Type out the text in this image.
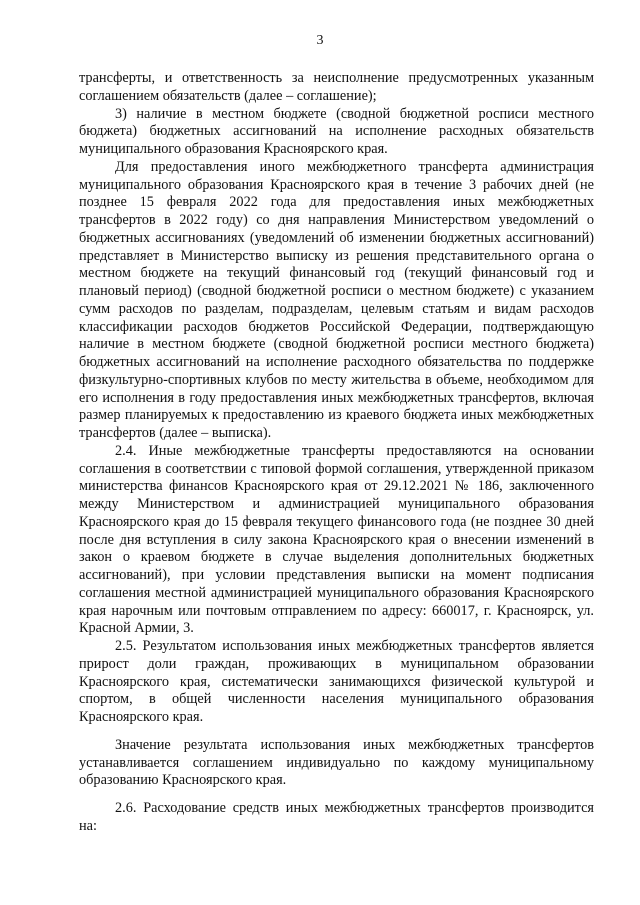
3

трансферты, и ответственность за неисполнение предусмотренных указанным соглашением обязательств (далее – соглашение);

3) наличие в местном бюджете (сводной бюджетной росписи местного бюджета) бюджетных ассигнований на исполнение расходных обязательств муниципального образования Красноярского края.

Для предоставления иного межбюджетного трансферта администрация муниципального образования Красноярского края в течение 3 рабочих дней (не позднее 15 февраля 2022 года для предоставления иных межбюджетных трансфертов в 2022 году) со дня направления Министерством уведомлений о бюджетных ассигнованиях (уведомлений об изменении бюджетных ассигнований) представляет в Министерство выписку из решения представительного органа о местном бюджете на текущий финансовый год (текущий финансовый год и плановый период) (сводной бюджетной росписи о местном бюджете) с указанием сумм расходов по разделам, подразделам, целевым статьям и видам расходов классификации расходов бюджетов Российской Федерации, подтверждающую наличие в местном бюджете (сводной бюджетной росписи местного бюджета) бюджетных ассигнований на исполнение расходного обязательства по поддержке физкультурно-спортивных клубов по месту жительства в объеме, необходимом для его исполнения в году предоставления иных межбюджетных трансфертов, включая размер планируемых к предоставлению из краевого бюджета иных межбюджетных трансфертов (далее – выписка).

2.4. Иные межбюджетные трансферты предоставляются на основании соглашения в соответствии с типовой формой соглашения, утвержденной приказом министерства финансов Красноярского края от 29.12.2021 № 186, заключенного между Министерством и администрацией муниципального образования Красноярского края до 15 февраля текущего финансового года (не позднее 30 дней после дня вступления в силу закона Красноярского края о внесении изменений в закон о краевом бюджете в случае выделения дополнительных бюджетных ассигнований), при условии представления выписки на момент подписания соглашения местной администрацией муниципального образования Красноярского края нарочным или почтовым отправлением по адресу: 660017, г. Красноярск, ул. Красной Армии, 3.

2.5. Результатом использования иных межбюджетных трансфертов является прирост доли граждан, проживающих в муниципальном образовании Красноярского края, систематически занимающихся физической культурой и спортом, в общей численности населения муниципального образования Красноярского края.

Значение результата использования иных межбюджетных трансфертов устанавливается соглашением индивидуально по каждому муниципальному образованию Красноярского края.

2.6. Расходование средств иных межбюджетных трансфертов производится на:
